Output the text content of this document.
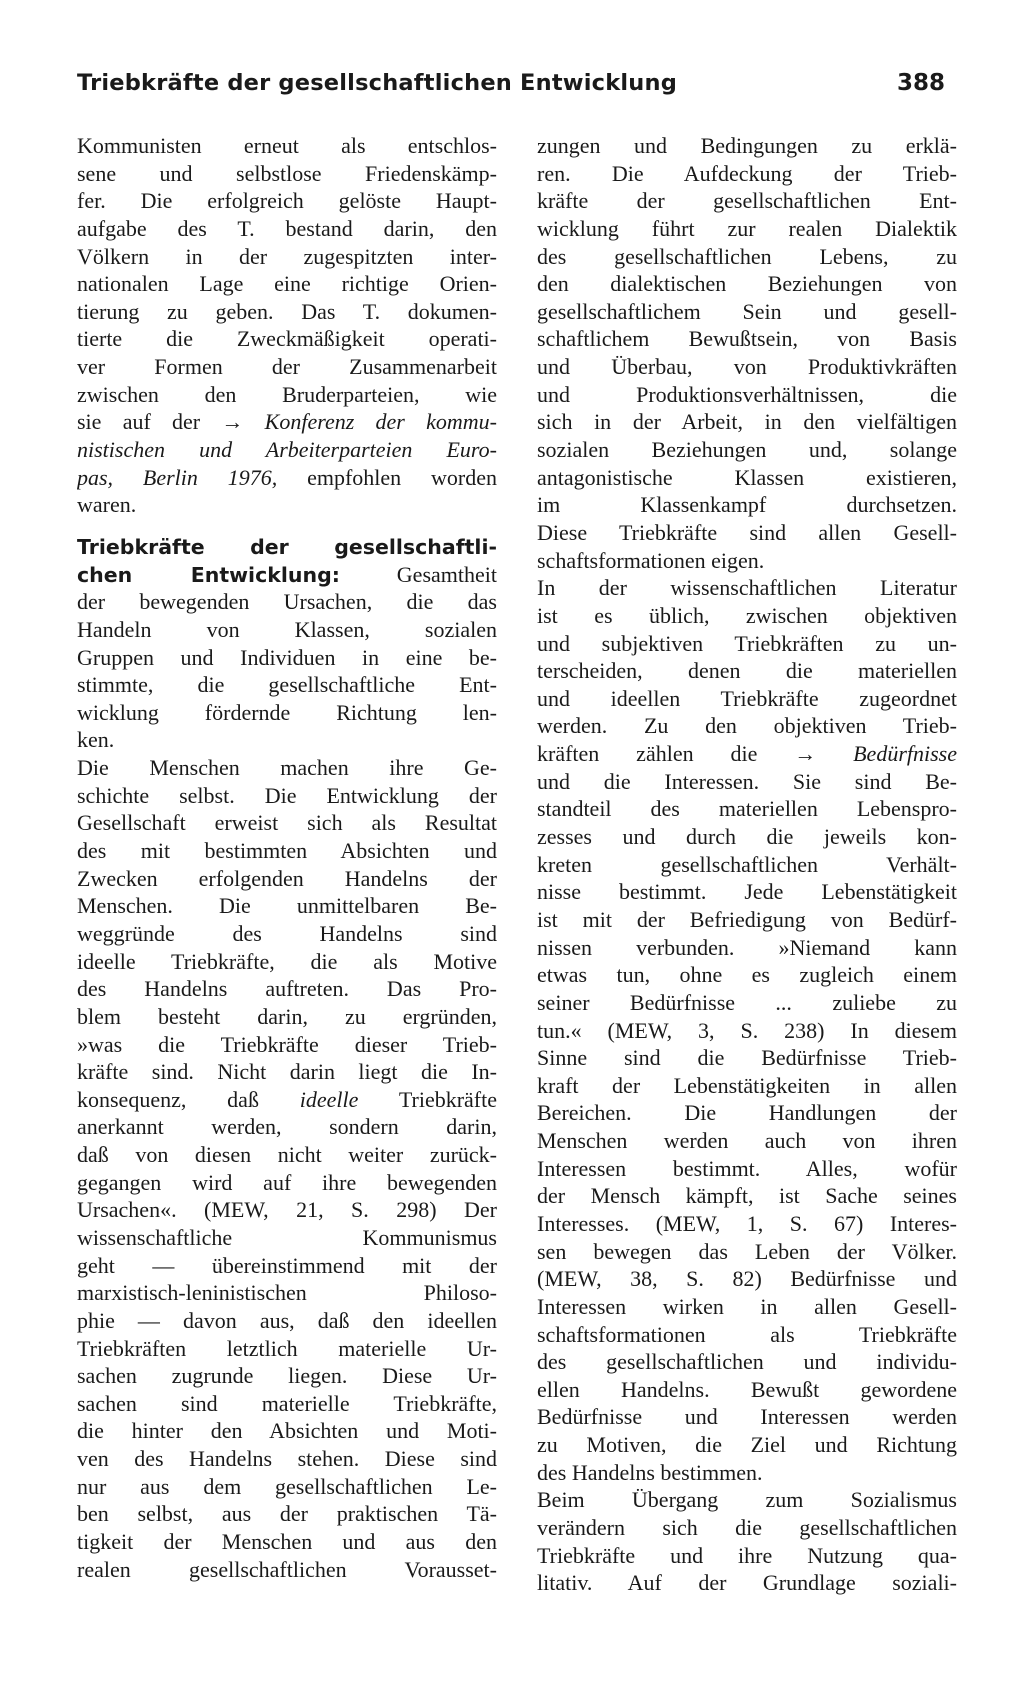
Triebkräfte der gesellschaftlichen Entwicklung	388
Kommunisten erneut als entschlos-
sene und selbstlose Friedenskämp-
fer. Die erfolgreich gelöste Haupt-
aufgabe des T. bestand darin, den
Völkern in der zugespitzten inter-
nationalen Lage eine richtige Orien-
tierung zu geben. Das T. dokumen-
tierte die Zweckmäßigkeit operati-
ver Formen der Zusammenarbeit
zwischen den Bruderparteien, wie
sie auf der → Konferenz der kommu-
nistischen und Arbeiterparteien Euro-
pas, Berlin 1976, empfohlen worden
waren.
Triebkräfte der gesellschaftli-
chen Entwicklung: Gesamtheit
der bewegenden Ursachen, die das
Handeln von Klassen, sozialen
Gruppen und Individuen in eine be-
stimmte, die gesellschaftliche Ent-
wicklung fördernde Richtung len-
ken.
Die Menschen machen ihre Ge-
schichte selbst. Die Entwicklung der
Gesellschaft erweist sich als Resultat
des mit bestimmten Absichten und
Zwecken erfolgenden Handelns der
Menschen. Die unmittelbaren Be-
weggründe des Handelns sind
ideelle Triebkräfte, die als Motive
des Handelns auftreten. Das Pro-
blem besteht darin, zu ergründen,
»was die Triebkräfte dieser Trieb-
kräfte sind. Nicht darin liegt die In-
konsequenz, daß ideelle Triebkräfte
anerkannt werden, sondern darin,
daß von diesen nicht weiter zurück-
gegangen wird auf ihre bewegenden
Ursachen«. (MEW, 21, S. 298) Der
wissenschaftliche Kommunismus
geht — übereinstimmend mit der
marxistisch-leninistischen Philoso-
phie — davon aus, daß den ideellen
Triebkräften letztlich materielle Ur-
sachen zugrunde liegen. Diese Ur-
sachen sind materielle Triebkräfte,
die hinter den Absichten und Moti-
ven des Handelns stehen. Diese sind
nur aus dem gesellschaftlichen Le-
ben selbst, aus der praktischen Tä-
tigkeit der Menschen und aus den
realen gesellschaftlichen Vorausset-
zungen und Bedingungen zu erklä-
ren. Die Aufdeckung der Trieb-
kräfte der gesellschaftlichen Ent-
wicklung führt zur realen Dialektik
des gesellschaftlichen Lebens, zu
den dialektischen Beziehungen von
gesellschaftlichem Sein und gesell-
schaftlichem Bewußtsein, von Basis
und Überbau, von Produktivkräften
und Produktionsverhältnissen, die
sich in der Arbeit, in den vielfältigen
sozialen Beziehungen und, solange
antagonistische Klassen existieren,
im Klassenkampf durchsetzen.
Diese Triebkräfte sind allen Gesell-
schaftsformationen eigen.
In der wissenschaftlichen Literatur
ist es üblich, zwischen objektiven
und subjektiven Triebkräften zu un-
terscheiden, denen die materiellen
und ideellen Triebkräfte zugeordnet
werden. Zu den objektiven Trieb-
kräften zählen die → Bedürfnisse
und die Interessen. Sie sind Be-
standteil des materiellen Lebenspro-
zesses und durch die jeweils kon-
kreten gesellschaftlichen Verhält-
nisse bestimmt. Jede Lebenstätigkeit
ist mit der Befriedigung von Bedürf-
nissen verbunden. »Niemand kann
etwas tun, ohne es zugleich einem
seiner Bedürfnisse ... zuliebe zu
tun.« (MEW, 3, S. 238) In diesem
Sinne sind die Bedürfnisse Trieb-
kraft der Lebenstätigkeiten in allen
Bereichen. Die Handlungen der
Menschen werden auch von ihren
Interessen bestimmt. Alles, wofür
der Mensch kämpft, ist Sache seines
Interesses. (MEW, 1, S. 67) Interes-
sen bewegen das Leben der Völker.
(MEW, 38, S. 82) Bedürfnisse und
Interessen wirken in allen Gesell-
schaftsformationen als Triebkräfte
des gesellschaftlichen und individu-
ellen Handelns. Bewußt gewordene
Bedürfnisse und Interessen werden
zu Motiven, die Ziel und Richtung
des Handelns bestimmen.
Beim Übergang zum Sozialismus
verändern sich die gesellschaftlichen
Triebkräfte und ihre Nutzung qua-
litativ. Auf der Grundlage soziali-
